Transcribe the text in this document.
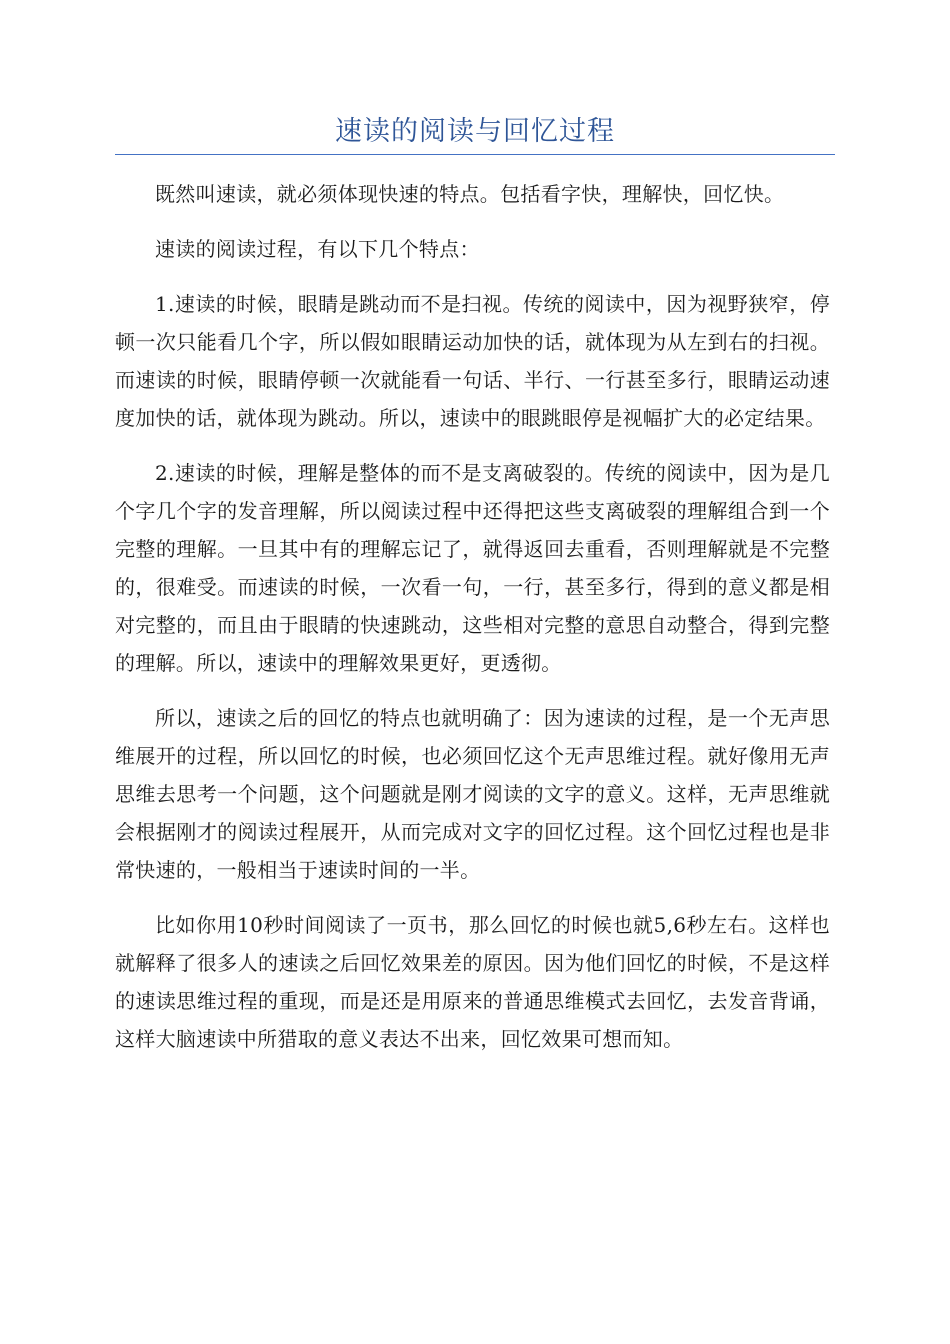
速读的阅读与回忆过程

既然叫速读，就必须体现快速的特点。包括看字快，理解快，回忆快。

速读的阅读过程，有以下几个特点：

1.速读的时候，眼睛是跳动而不是扫视。传统的阅读中，因为视野狭窄，停顿一次只能看几个字，所以假如眼睛运动加快的话，就体现为从左到右的扫视。而速读的时候，眼睛停顿一次就能看一句话、半行、一行甚至多行，眼睛运动速度加快的话，就体现为跳动。所以，速读中的眼跳眼停是视幅扩大的必定结果。

2.速读的时候，理解是整体的而不是支离破裂的。传统的阅读中，因为是几个字几个字的发音理解，所以阅读过程中还得把这些支离破裂的理解组合到一个完整的理解。一旦其中有的理解忘记了，就得返回去重看，否则理解就是不完整的，很难受。而速读的时候，一次看一句，一行，甚至多行，得到的意义都是相对完整的，而且由于眼睛的快速跳动，这些相对完整的意思自动整合，得到完整的理解。所以，速读中的理解效果更好，更透彻。

所以，速读之后的回忆的特点也就明确了：因为速读的过程，是一个无声思维展开的过程，所以回忆的时候，也必须回忆这个无声思维过程。就好像用无声思维去思考一个问题，这个问题就是刚才阅读的文字的意义。这样，无声思维就会根据刚才的阅读过程展开，从而完成对文字的回忆过程。这个回忆过程也是非常快速的，一般相当于速读时间的一半。

比如你用10秒时间阅读了一页书，那么回忆的时候也就5,6秒左右。这样也就解释了很多人的速读之后回忆效果差的原因。因为他们回忆的时候，不是这样的速读思维过程的重现，而是还是用原来的普通思维模式去回忆，去发音背诵，这样大脑速读中所猎取的意义表达不出来，回忆效果可想而知。
